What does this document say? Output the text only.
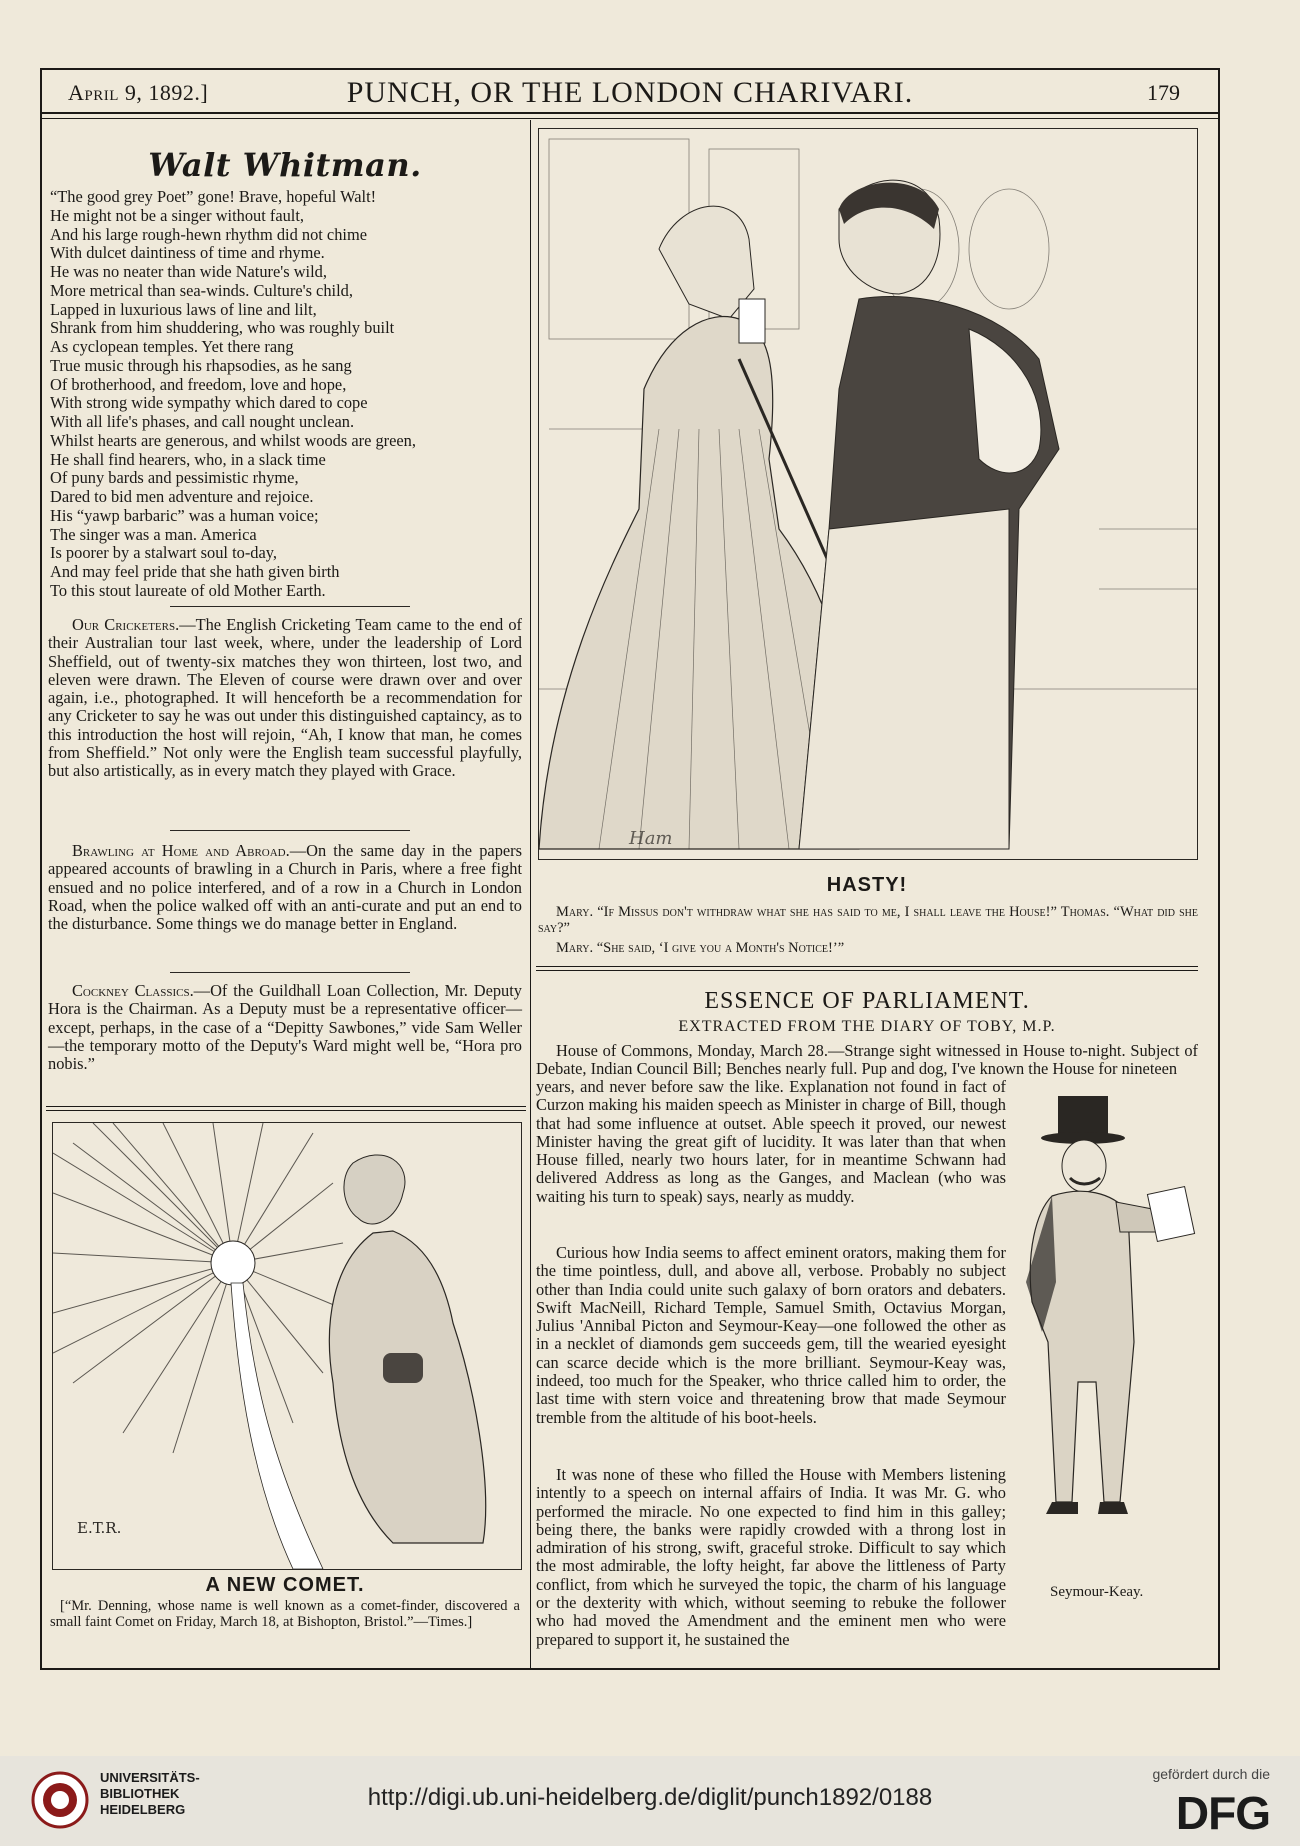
April 9, 1892.]	PUNCH, OR THE LONDON CHARIVARI.	179
Walt Whitman.
“The good grey Poet” gone! Brave, hopeful Walt!
He might not be a singer without fault,
And his large rough-hewn rhythm did not chime
With dulcet daintiness of time and rhyme.
He was no neater than wide Nature's wild,
More metrical than sea-winds. Culture's child,
Lapped in luxurious laws of line and lilt,
Shrank from him shuddering, who was roughly built
As cyclopean temples. Yet there rang
True music through his rhapsodies, as he sang
Of brotherhood, and freedom, love and hope,
With strong wide sympathy which dared to cope
With all life's phases, and call nought unclean.
Whilst hearts are generous, and whilst woods are green,
He shall find hearers, who, in a slack time
Of puny bards and pessimistic rhyme,
Dared to bid men adventure and rejoice.
His “yawp barbaric” was a human voice;
The singer was a man. America
Is poorer by a stalwart soul to-day,
And may feel pride that she hath given birth
To this stout laureate of old Mother Earth.
Our Cricketers.—The English Cricketing Team came to the end of their Australian tour last week, where, under the leadership of Lord Sheffield, out of twenty-six matches they won thirteen, lost two, and eleven were drawn. The Eleven of course were drawn over and over again, i.e., photographed. It will henceforth be a recommendation for any Cricketer to say he was out under this distinguished captaincy, as to this introduction the host will rejoin, “Ah, I know that man, he comes from Sheffield.” Not only were the English team successful playfully, but also artistically, as in every match they played with Grace.
Brawling at Home and Abroad.—On the same day in the papers appeared accounts of brawling in a Church in Paris, where a free fight ensued and no police interfered, and of a row in a Church in London Road, when the police walked off with an anti-curate and put an end to the disturbance. Some things we do manage better in England.
Cockney Classics.—Of the Guildhall Loan Collection, Mr. Deputy Hora is the Chairman. As a Deputy must be a representative officer—except, perhaps, in the case of a “Depitty Sawbones,” vide Sam Weller—the temporary motto of the Deputy's Ward might well be, “Hora pro nobis.”
E.T.R.
A NEW COMET.
[“Mr. Denning, whose name is well known as a comet-finder, discovered a small faint Comet on Friday, March 18, at Bishopton, Bristol.”—Times.]
Ham
HASTY!
Mary. “If Missus don't withdraw what she has said to me, I shall leave the House!” Thomas. “What did she say?”
Mary. “She said, ‘I give you a Month's Notice!’”
ESSENCE OF PARLIAMENT.
EXTRACTED FROM THE DIARY OF TOBY, M.P.
House of Commons, Monday, March 28.—Strange sight witnessed in House to-night. Subject of Debate, Indian Council Bill; Benches nearly full. Pup and dog, I've known the House for nineteen
Seymour-Keay.
years, and never before saw the like. Explanation not found in fact of Curzon making his maiden speech as Minister in charge of Bill, though that had some influence at outset. Able speech it proved, our newest Minister having the great gift of lucidity. It was later than that when House filled, nearly two hours later, for in meantime Schwann had delivered Address as long as the Ganges, and Maclean (who was waiting his turn to speak) says, nearly as muddy.
Curious how India seems to affect eminent orators, making them for the time pointless, dull, and above all, verbose. Probably no subject other than India could unite such galaxy of born orators and debaters. Swift MacNeill, Richard Temple, Samuel Smith, Octavius Morgan, Julius 'Annibal Picton and Seymour-Keay—one followed the other as in a necklet of diamonds gem succeeds gem, till the wearied eyesight can scarce decide which is the more brilliant. Seymour-Keay was, indeed, too much for the Speaker, who thrice called him to order, the last time with stern voice and threatening brow that made Seymour tremble from the altitude of his boot-heels.
It was none of these who filled the House with Members listening intently to a speech on internal affairs of India. It was Mr. G. who performed the miracle. No one expected to find him in this galley; being there, the banks were rapidly crowded with a throng lost in admiration of his strong, swift, graceful stroke. Difficult to say which the most admirable, the lofty height, far above the littleness of Party conflict, from which he surveyed the topic, the charm of his language or the dexterity with which, without seeming to rebuke the follower who had moved the Amendment and the eminent men who were prepared to support it, he sustained the
UNIVERSITÄTS-
BIBLIOTHEK
HEIDELBERG	http://digi.ub.uni-heidelberg.de/diglit/punch1892/0188
gefördert durch die
DFG
